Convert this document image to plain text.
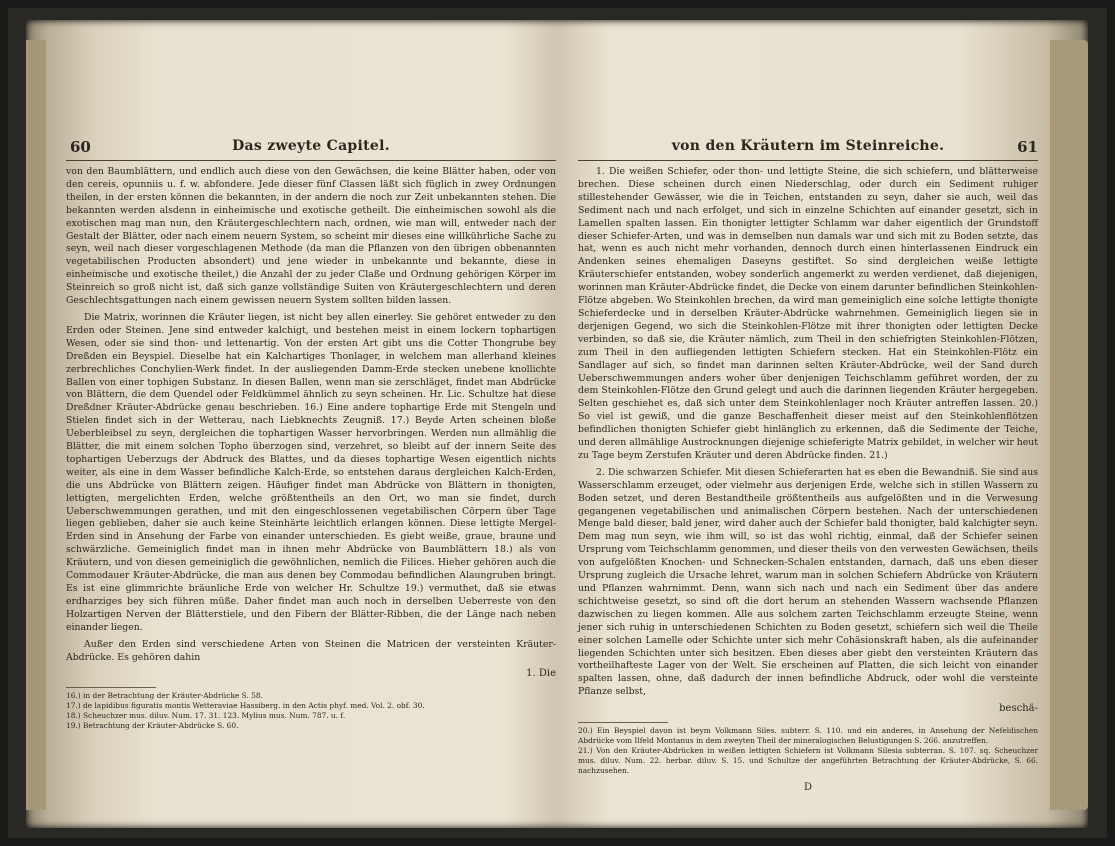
60	Das zweyte Capitel.

von den Baumblättern, und endlich auch diese von den Gewächsen, die keine Blätter haben, oder von den cereis, opunniis u. f. w. abfondere. Jede dieser fünf Classen läßt sich füglich in zwey Ordnungen theilen, in der ersten können die bekannten, in der andern die noch zur Zeit unbekannten stehen. Die bekannten werden alsdenn in einheimische und exotische getheilt. Die einheimischen sowohl als die exotischen mag man nun, den Kräutergeschlechtern nach, ordnen, wie man will, entweder nach der Gestalt der Blätter, oder nach einem neuern System, so scheint mir dieses eine willkührliche Sache zu seyn, weil nach dieser vorgeschlagenen Methode (da man die Pflanzen von den übrigen obbenannten vegetabilischen Producten absondert) und jene wieder in unbekannte und bekannte, diese in einheimische und exotische theilet,) die Anzahl der zu jeder Claße und Ordnung gehörigen Körper im Steinreich so groß nicht ist, daß sich ganze vollständige Suiten von Kräutergeschlechtern und deren Geschlechtsgattungen nach einem gewissen neuern System sollten bilden lassen.

Die Matrix, worinnen die Kräuter liegen, ist nicht bey allen einerley. Sie gehöret entweder zu den Erden oder Steinen. Jene sind entweder kalchigt, und bestehen meist in einem lockern tophartigen Wesen, oder sie sind thon- und lettenartig. Von der ersten Art gibt uns die Cotter Thongrube bey Dreßden ein Beyspiel. Dieselbe hat ein Kalchartiges Thonlager, in welchem man allerhand kleines zerbrechliches Conchylien-Werk findet. In der ausliegenden Damm-Erde stecken unebene knollichte Ballen von einer tophigen Substanz. In diesen Ballen, wenn man sie zerschläget, findet man Abdrücke von Blättern, die dem Quendel oder Feldkümmel ähnlich zu seyn scheinen. Hr. Lic. Schultze hat diese Dreßdner Kräuter-Abdrücke genau beschrieben. 16.) Eine andere tophartige Erde mit Stengeln und Stielen findet sich in der Wetterau, nach Liebknechts Zeugniß. 17.) Beyde Arten scheinen bloße Ueberbleibsel zu seyn, dergleichen die tophartigen Wasser hervorbringen. Werden nun allmählig die Blätter, die mit einem solchen Topho überzogen sind, verzehret, so bleibt auf der innern Seite des tophartigen Ueberzugs der Abdruck des Blattes, und da dieses tophartige Wesen eigentlich nichts weiter, als eine in dem Wasser befindliche Kalch-Erde, so entstehen daraus dergleichen Kalch-Erden, die uns Abdrücke von Blättern zeigen. Häufiger findet man Abdrücke von Blättern in thonigten, lettigten, mergelichten Erden, welche größtentheils an den Ort, wo man sie findet, durch Ueberschwemmungen gerathen, und mit den eingeschlossenen vegetabilischen Cörpern über Tage liegen geblieben, daher sie auch keine Steinhärte leichtlich erlangen können. Diese lettigte Mergel-Erden sind in Ansehung der Farbe von einander unterschieden. Es giebt weiße, graue, braune und schwärzliche. Gemeiniglich findet man in ihnen mehr Abdrücke von Baumblättern 18.) als von Kräutern, und von diesen gemeiniglich die gewöhnlichen, nemlich die Filices. Hieher gehören auch die Commodauer Kräuter-Abdrücke, die man aus denen bey Commodau befindlichen Alaungruben bringt. Es ist eine glimmrichte bräunliche Erde von welcher Hr. Schultze 19.) vermuthet, daß sie etwas erdharziges bey sich führen müße. Daher findet man auch noch in derselben Ueberreste von den Holzartigen Nerven der Blätterstiele, und den Fibern der Blätter-Ribben, die der Länge nach neben einander liegen.

Außer den Erden sind verschiedene Arten von Steinen die Matricen der versteinten Kräuter-Abdrücke. Es gehören dahin

1. Die
16.) in der Betrachtung der Kräuter-Abdrücke S. 58.
17.) de lapidibus figuratis montis Wetteraviae Hassiberg. in den Actis phyf. med. Vol. 2. obf. 30.
18.) Scheuchzer mus. diluv. Num. 17. 31. 123. Mylius mus. Num. 787. u. f.
19.) Betrachtung der Kräuter-Abdrücke S. 60.
von den Kräutern im Steinreiche.	61

1. Die weißen Schiefer, oder thon- und lettigte Steine, die sich schiefern, und blätterweise brechen. Diese scheinen durch einen Niederschlag, oder durch ein Sediment ruhiger stillestehender Gewässer, wie die in Teichen, entstanden zu seyn, daher sie auch, weil das Sediment nach und nach erfolget, und sich in einzelne Schichten auf einander gesetzt, sich in Lamellen spalten lassen. Ein thonigter lettigter Schlamm war daher eigentlich der Grundstoff dieser Schiefer-Arten, und was in demselben nun damals war und sich mit zu Boden setzte, das hat, wenn es auch nicht mehr vorhanden, dennoch durch einen hinterlassenen Eindruck ein Andenken seines ehemaligen Daseyns gestiftet. So sind dergleichen weiße lettigte Kräuterschiefer entstanden, wobey sonderlich angemerkt zu werden verdienet, daß diejenigen, worinnen man Kräuter-Abdrücke findet, die Decke von einem darunter befindlichen Steinkohlen-Flötze abgeben. Wo Steinkohlen brechen, da wird man gemeiniglich eine solche lettigte thonigte Schieferdecke und in derselben Kräuter-Abdrücke wahrnehmen. Gemeiniglich liegen sie in derjenigen Gegend, wo sich die Steinkohlen-Flötze mit ihrer thonigten oder lettigten Decke verbinden, so daß sie, die Kräuter nämlich, zum Theil in den schiefrigten Steinkohlen-Flötzen, zum Theil in den aufliegenden lettigten Schiefern stecken. Hat ein Steinkohlen-Flötz ein Sandlager auf sich, so findet man darinnen selten Kräuter-Abdrücke, weil der Sand durch Ueberschwemmungen anders woher über denjenigen Teichschlamm geführet worden, der zu dem Steinkohlen-Flötze den Grund gelegt und auch die darinnen liegenden Kräuter hergegeben. Selten geschiehet es, daß sich unter dem Steinkohlenlager noch Kräuter antreffen lassen. 20.) So viel ist gewiß, und die ganze Beschaffenheit dieser meist auf den Steinkohlenflötzen befindlichen thonigten Schiefer giebt hinlänglich zu erkennen, daß die Sedimente der Teiche, und deren allmählige Austrocknungen diejenige schieferigte Matrix gebildet, in welcher wir heut zu Tage beym Zerstufen Kräuter und deren Abdrücke finden. 21.)

2. Die schwarzen Schiefer. Mit diesen Schieferarten hat es eben die Bewandniß. Sie sind aus Wasserschlamm erzeuget, oder vielmehr aus derjenigen Erde, welche sich in stillen Wassern zu Boden setzet, und deren Bestandtheile größtentheils aus aufgelößten und in die Verwesung gegangenen vegetabilischen und animalischen Cörpern bestehen. Nach der unterschiedenen Menge bald dieser, bald jener, wird daher auch der Schiefer bald thonigter, bald kalchigter seyn. Dem mag nun seyn, wie ihm will, so ist das wohl richtig, einmal, daß der Schiefer seinen Ursprung vom Teichschlamm genommen, und dieser theils von den verwesten Gewächsen, theils von aufgelößten Knochen- und Schnecken-Schalen entstanden, darnach, daß uns eben dieser Ursprung zugleich die Ursache lehret, warum man in solchen Schiefern Abdrücke von Kräutern und Pflanzen wahrnimmt. Denn, wann sich nach und nach ein Sediment über das andere schichtweise gesetzt, so sind oft die dort herum an stehenden Wassern wachsende Pflanzen dazwischen zu liegen kommen. Alle aus solchem zarten Teichschlamm erzeugte Steine, wenn jener sich ruhig in unterschiedenen Schichten zu Boden gesetzt, schiefern sich weil die Theile einer solchen Lamelle oder Schichte unter sich mehr Cohäsionskraft haben, als die aufeinander liegenden Schichten unter sich besitzen. Eben dieses aber giebt den versteinten Kräutern das vortheilhafteste Lager von der Welt. Sie erscheinen auf Platten, die sich leicht von einander spalten lassen, ohne, daß dadurch der innen befindliche Abdruck, oder wohl die versteinte Pflanze selbst,

beschä-
20.) Ein Beyspiel davon ist beym Volkmann Siles. subterr. S. 110. und ein anderes, in Ansehung der Nefeldischen Abdrücke vom Ilfeld Montanus in dem zweyten Theil der mineralogischen Belustigungen S. 266. anzutreffen.
21.) Von den Kräuter-Abdrücken in weißen lettigten Schiefern ist Volkmann Silesia subterran. S. 107. sq. Scheuchzer mus. diluv. Num. 22. herbar. diluv. S. 15. und Schultze der angeführten Betrachtung der Kräuter-Abdrücke, S. 66. nachzusehen.
D
